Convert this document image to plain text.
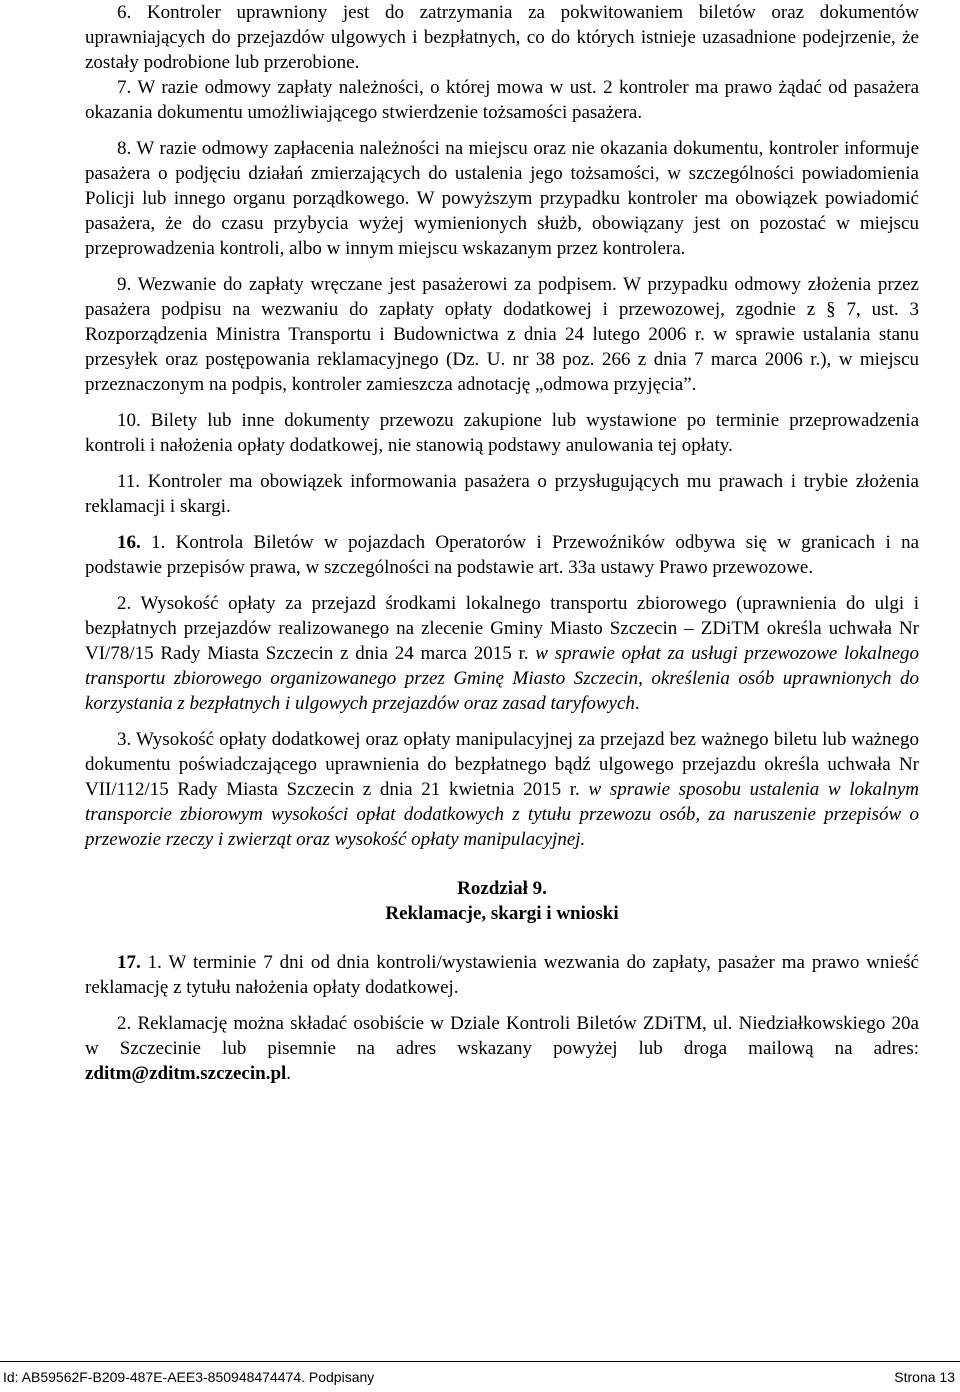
6. Kontroler uprawniony jest do zatrzymania za pokwitowaniem biletów oraz dokumentów uprawniających do przejazdów ulgowych i bezpłatnych, co do których istnieje uzasadnione podejrzenie, że zostały podrobione lub przerobione.

7. W razie odmowy zapłaty należności, o której mowa w ust. 2 kontroler ma prawo żądać od pasażera okazania dokumentu umożliwiającego stwierdzenie tożsamości pasażera.

8. W razie odmowy zapłacenia należności na miejscu oraz nie okazania dokumentu, kontroler informuje pasażera o podjęciu działań zmierzających do ustalenia jego tożsamości, w szczególności powiadomienia Policji lub innego organu porządkowego. W powyższym przypadku kontroler ma obowiązek powiadomić pasażera, że do czasu przybycia wyżej wymienionych służb, obowiązany jest on pozostać w miejscu przeprowadzenia kontroli, albo w innym miejscu wskazanym przez kontrolera.

9. Wezwanie do zapłaty wręczane jest pasażerowi za podpisem. W przypadku odmowy złożenia przez pasażera podpisu na wezwaniu do zapłaty opłaty dodatkowej i przewozowej, zgodnie z § 7, ust. 3 Rozporządzenia Ministra Transportu i Budownictwa z dnia 24 lutego 2006 r. w sprawie ustalania stanu przesyłek oraz postępowania reklamacyjnego (Dz. U. nr 38 poz. 266 z dnia 7 marca 2006 r.), w miejscu przeznaczonym na podpis, kontroler zamieszcza adnotację „odmowa przyjęcia”.

10. Bilety lub inne dokumenty przewozu zakupione lub wystawione po terminie przeprowadzenia kontroli i nałożenia opłaty dodatkowej, nie stanowią podstawy anulowania tej opłaty.

11. Kontroler ma obowiązek informowania pasażera o przysługujących mu prawach i trybie złożenia reklamacji i skargi.

16. 1. Kontrola Biletów w pojazdach Operatorów i Przewoźników odbywa się w granicach i na podstawie przepisów prawa, w szczególności na podstawie art. 33a ustawy Prawo przewozowe.

2. Wysokość opłaty za przejazd środkami lokalnego transportu zbiorowego (uprawnienia do ulgi i bezpłatnych przejazdów realizowanego na zlecenie Gminy Miasto Szczecin – ZDiTM określa uchwała Nr VI/78/15 Rady Miasta Szczecin z dnia 24 marca 2015 r. w sprawie opłat za usługi przewozowe lokalnego transportu zbiorowego organizowanego przez Gminę Miasto Szczecin, określenia osób uprawnionych do korzystania z bezpłatnych i ulgowych przejazdów oraz zasad taryfowych.

3. Wysokość opłaty dodatkowej oraz opłaty manipulacyjnej za przejazd bez ważnego biletu lub ważnego dokumentu poświadczającego uprawnienia do bezpłatnego bądź ulgowego przejazdu określa uchwała Nr VII/112/15 Rady Miasta Szczecin z dnia 21 kwietnia 2015 r. w sprawie sposobu ustalenia w lokalnym transporcie zbiorowym wysokości opłat dodatkowych z tytułu przewozu osób, za naruszenie przepisów o przewozie rzeczy i zwierząt oraz wysokość opłaty manipulacyjnej.

Rozdział 9.

Reklamacje, skargi i wnioski

17. 1. W terminie 7 dni od dnia kontroli/wystawienia wezwania do zapłaty, pasażer ma prawo wnieść reklamację z tytułu nałożenia opłaty dodatkowej.

2. Reklamację można składać osobiście w Dziale Kontroli Biletów ZDiTM, ul. Niedziałkowskiego 20a w Szczecinie lub pisemnie na adres wskazany powyżej lub droga mailową na adres: zditm@zditm.szczecin.pl.

Id: AB59562F-B209-487E-AEE3-850948474474. Podpisany	Strona 13
